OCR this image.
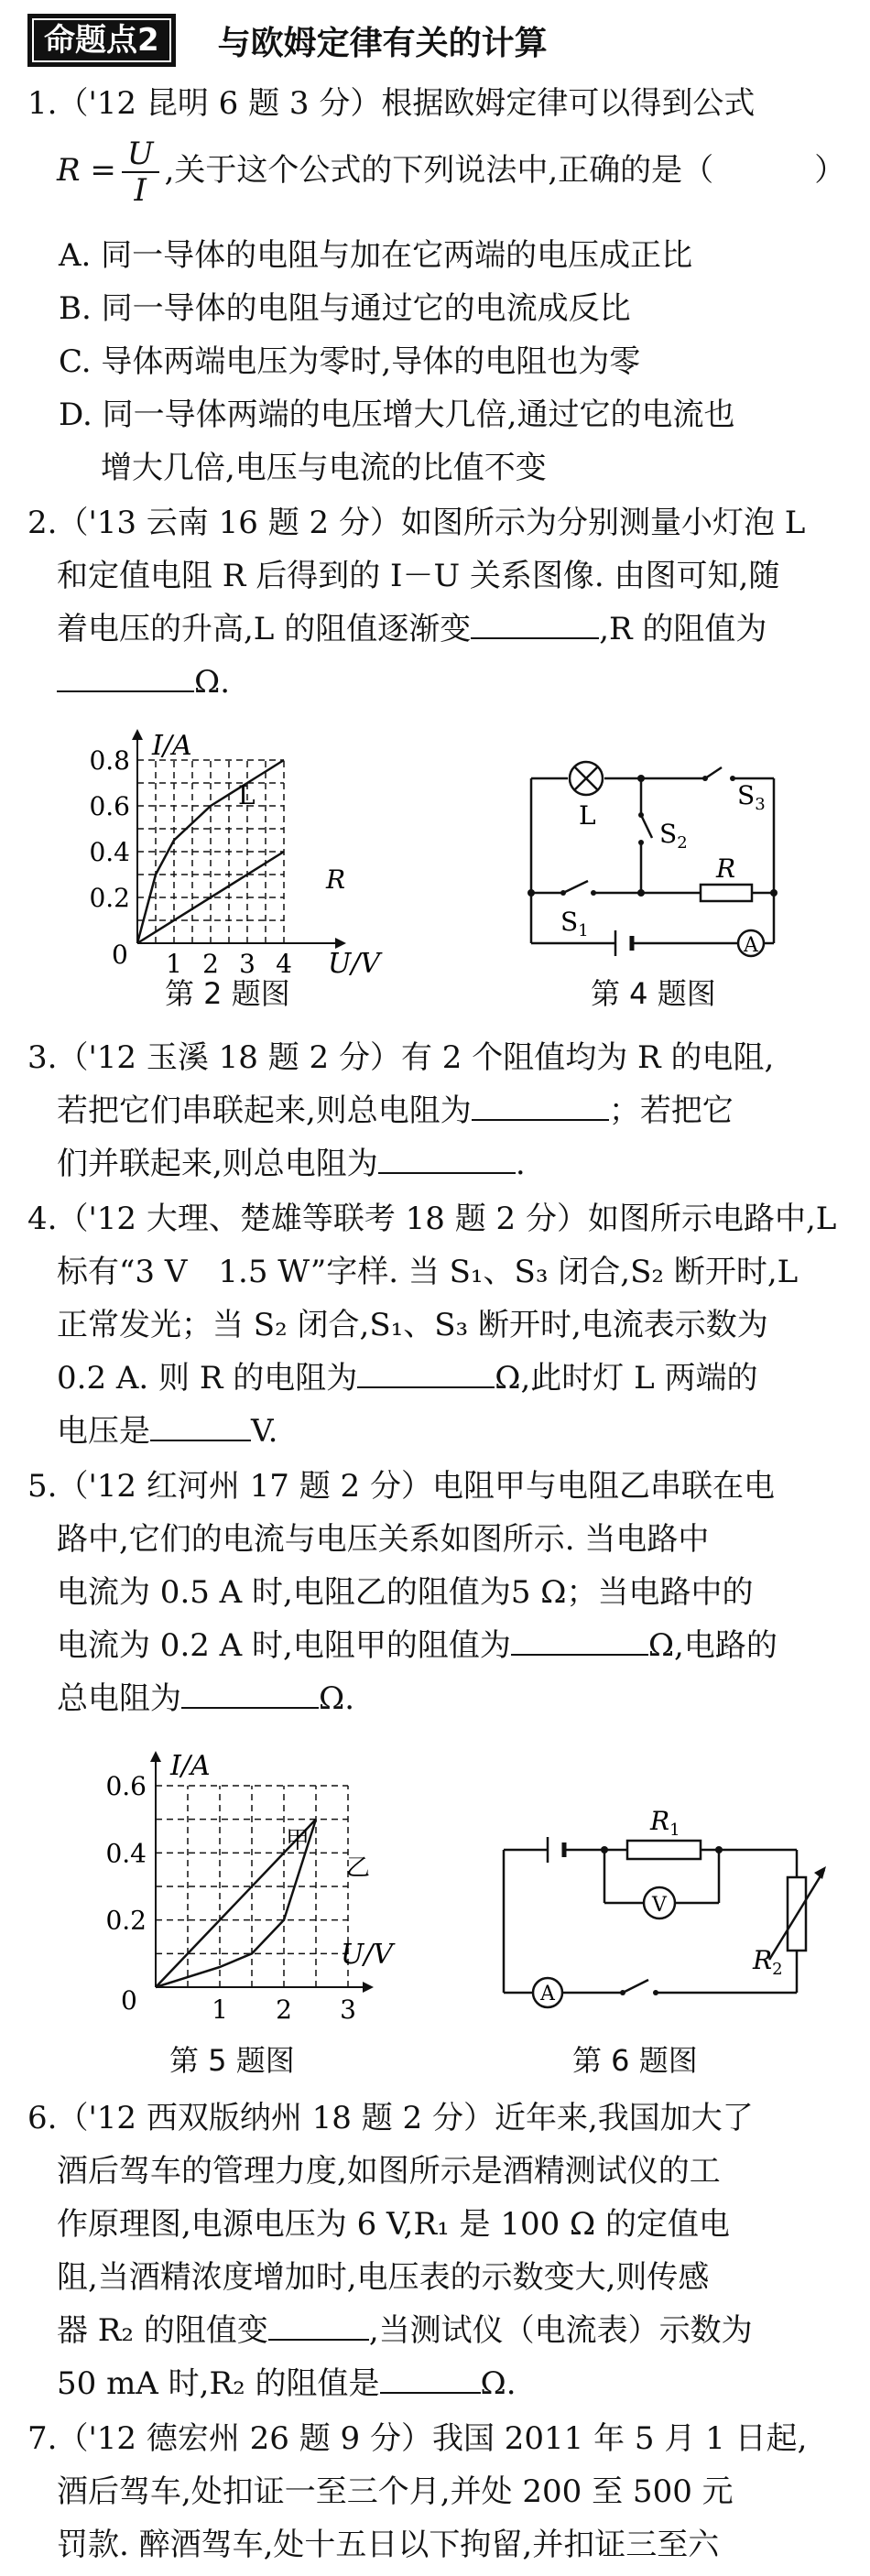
命题点2	与欧姆定律有关的计算
1.（'12 昆明 6 题 3 分）根据欧姆定律可以得到公式
$R = \frac{U}{I}$ ,关于这个公式的下列说法中,正确的是（	）
A. 同一导体的电阻与加在它两端的电压成正比
B. 同一导体的电阻与通过它的电流成反比
C. 导体两端电压为零时,导体的电阻也为零
D. 同一导体两端的电压增大几倍,通过它的电流也
增大几倍,电压与电流的比值不变
2.（'13 云南 16 题 2 分）如图所示为分别测量小灯泡 L
和定值电阻 R 后得到的 I－U 关系图像. 由图可知,随
着电压的升高,L 的阻值逐渐变	,R 的阻值为
Ω.
I/A
U/V
0
0.2
0.4
0.6
0.8
1 2 3 4
L
R
第 2 题图
L
$S_3$
$S_2$
$S_1$
R
A
第 4 题图
3.（'12 玉溪 18 题 2 分）有 2 个阻值均为 R 的电阻,
若把它们串联起来,则总电阻为	；若把它
们并联起来,则总电阻为	.
4.（'12 大理、楚雄等联考 18 题 2 分）如图所示电路中,L
标有“3 V　1.5 W”字样. 当 S₁、S₃ 闭合,S₂ 断开时,L
正常发光；当 S₂ 闭合,S₁、S₃ 断开时,电流表示数为
0.2 A. 则 R 的电阻为	Ω,此时灯 L 两端的
电压是	V.
5.（'12 红河州 17 题 2 分）电阻甲与电阻乙串联在电
路中,它们的电流与电压关系如图所示. 当电路中
电流为 0.5 A 时,电阻乙的阻值为5 Ω；当电路中的
电流为 0.2 A 时,电阻甲的阻值为	Ω,电路的
总电阻为	Ω.
I/A
U/V
0
0.2
0.4
0.6
1 2 3
甲
乙
第 5 题图
$R_1$
$R_2$
V
A
第 6 题图
6.（'12 西双版纳州 18 题 2 分）近年来,我国加大了
酒后驾车的管理力度,如图所示是酒精测试仪的工
作原理图,电源电压为 6 V,R₁ 是 100 Ω 的定值电
阻,当酒精浓度增加时,电压表的示数变大,则传感
器 R₂ 的阻值变	,当测试仪（电流表）示数为
50 mA 时,R₂ 的阻值是	Ω.
7.（'12 德宏州 26 题 9 分）我国 2011 年 5 月 1 日起,
酒后驾车,处扣证一至三个月,并处 200 至 500 元
罚款. 醉酒驾车,处十五日以下拘留,并扣证三至六
